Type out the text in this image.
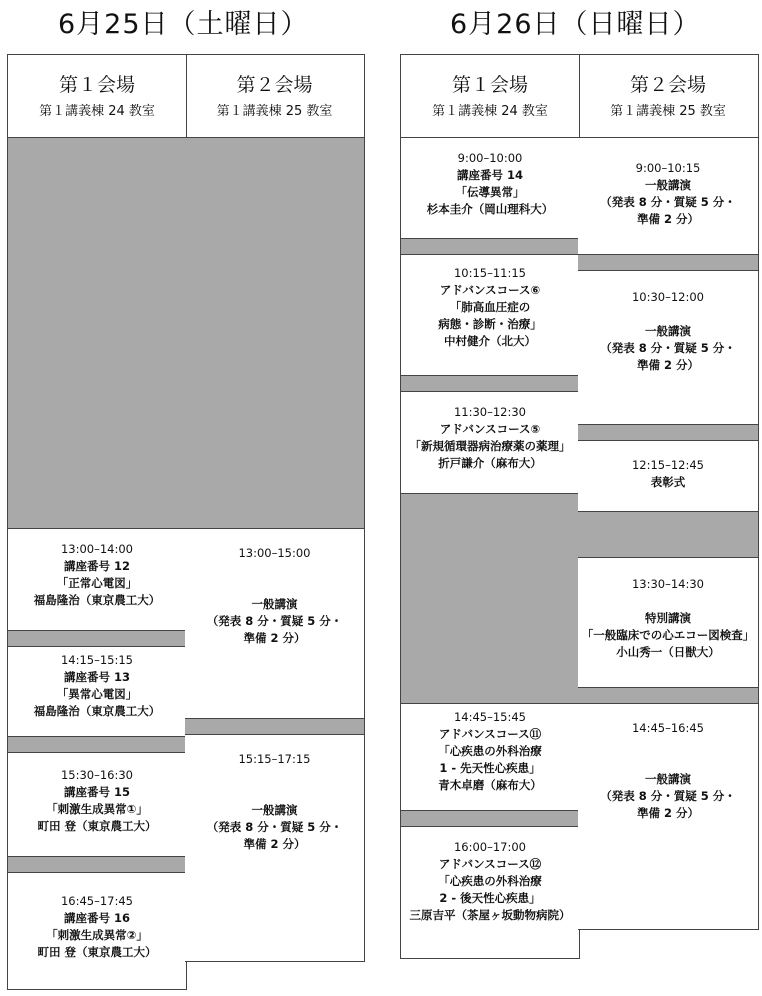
6月25日（土曜日）
第１会場
第１講義棟 24 教室
13:00–14:00
講座番号 12
「正常心電図」
福島隆治（東京農工大）
14:15–15:15
講座番号 13
「異常心電図」
福島隆治（東京農工大）
15:30–16:30
講座番号 15
「刺激生成異常①」
町田 登（東京農工大）
16:45–17:45
講座番号 16
「刺激生成異常②」
町田 登（東京農工大）
第２会場
第１講義棟 25 教室
13:00–15:00
一般講演
（発表 8 分・質疑 5 分・
準備 2 分）
15:15–17:15
一般講演
（発表 8 分・質疑 5 分・
準備 2 分）
6月26日（日曜日）
第１会場
第１講義棟 24 教室
9:00–10:00
講座番号 14
「伝導異常」
杉本圭介（岡山理科大）
10:15–11:15
アドバンスコース⑥
「肺高血圧症の
病態・診断・治療」
中村健介（北大）
11:30–12:30
アドバンスコース⑤
「新規循環器病治療薬の薬理」
折戸謙介（麻布大）
14:45–15:45
アドバンスコース⑪
「心疾患の外科治療
1 - 先天性心疾患」
青木卓磨（麻布大）
16:00–17:00
アドバンスコース⑫
「心疾患の外科治療
2 - 後天性心疾患」
三原吉平（茶屋ヶ坂動物病院）
第２会場
第１講義棟 25 教室
9:00–10:15
一般講演
（発表 8 分・質疑 5 分・
準備 2 分）
10:30–12:00
一般講演
（発表 8 分・質疑 5 分・
準備 2 分）
12:15–12:45
表彰式
13:30–14:30
特別講演
「一般臨床での心エコー図検査」
小山秀一（日獣大）
14:45–16:45
一般講演
（発表 8 分・質疑 5 分・
準備 2 分）
